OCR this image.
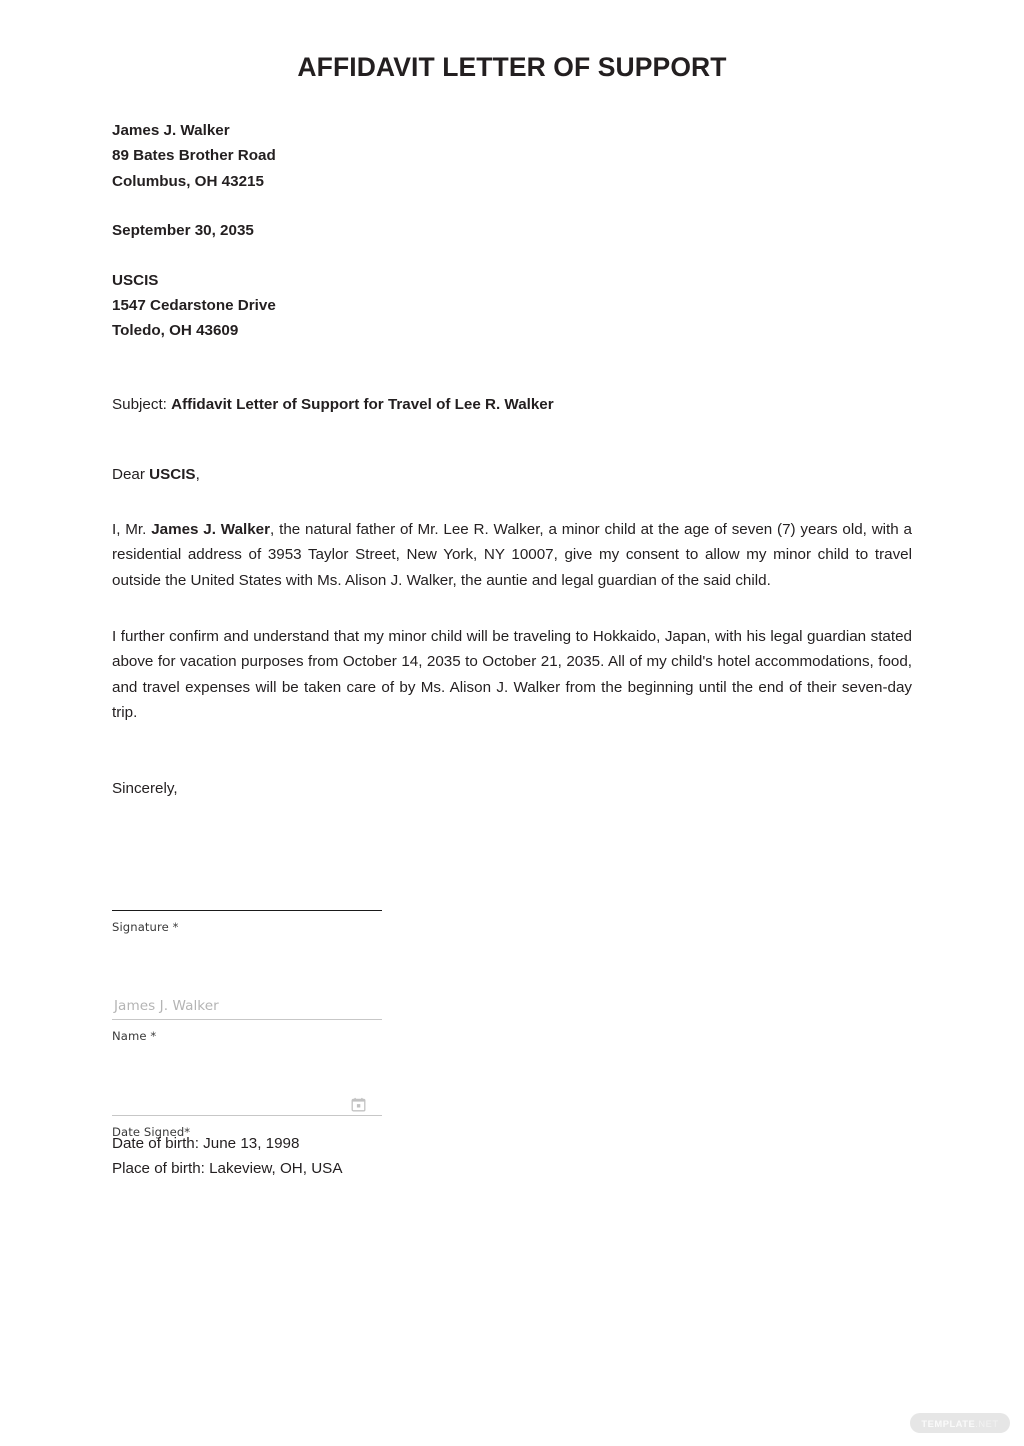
AFFIDAVIT LETTER OF SUPPORT
James J. Walker
89 Bates Brother Road
Columbus, OH 43215
September 30, 2035
USCIS
1547 Cedarstone Drive
Toledo, OH 43609
Subject: Affidavit Letter of Support for Travel of Lee R. Walker
Dear USCIS,
I, Mr. James J. Walker, the natural father of Mr. Lee R. Walker, a minor child at the age of seven (7) years old, with a residential address of 3953 Taylor Street, New York, NY 10007, give my consent to allow my minor child to travel outside the United States with Ms. Alison J. Walker, the auntie and legal guardian of the said child.
I further confirm and understand that my minor child will be traveling to Hokkaido, Japan, with his legal guardian stated above for vacation purposes from October 14, 2035 to October 21, 2035. All of my child's hotel accommodations, food, and travel expenses will be taken care of by Ms. Alison J. Walker from the beginning until the end of their seven-day trip.
Sincerely,
Signature *
James J. Walker
Name *
Date Signed*
Date of birth: June 13, 1998
Place of birth: Lakeview, OH, USA
TEMPLATE .NET
